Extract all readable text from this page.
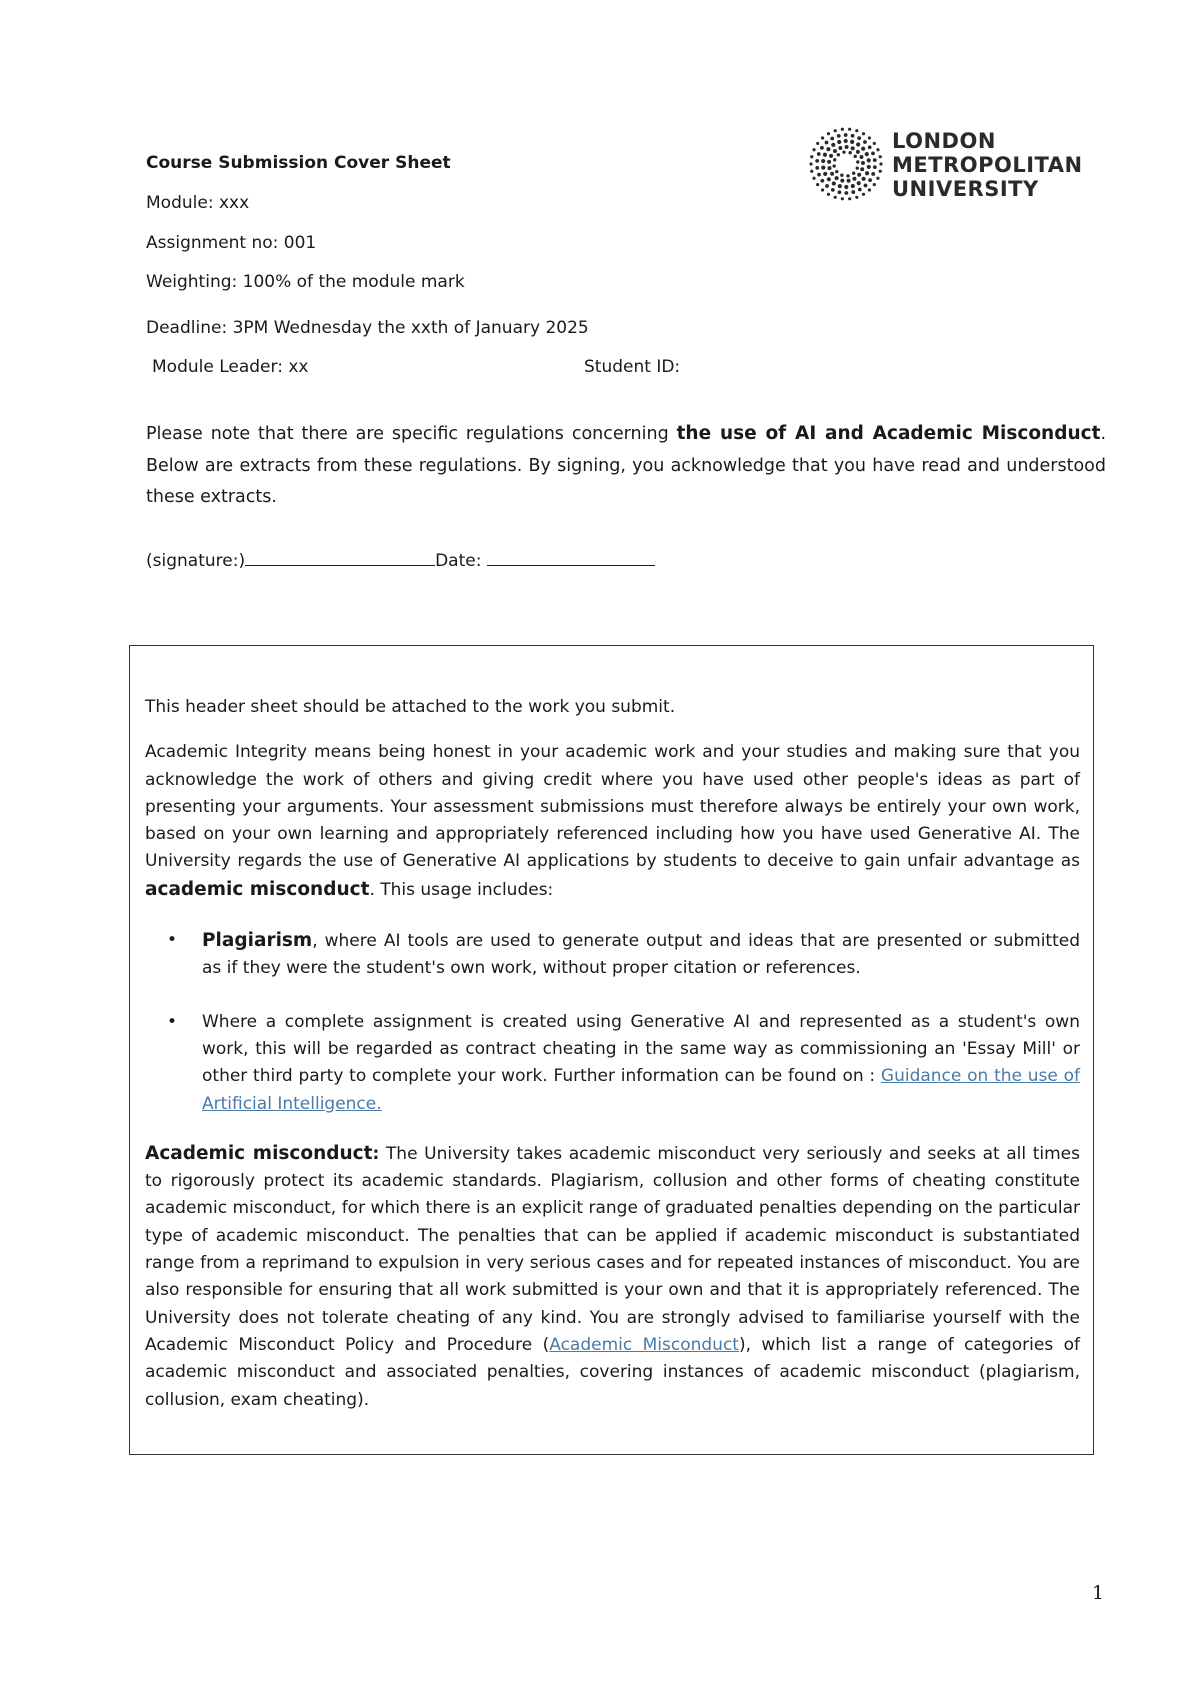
LONDON
METROPOLITAN
UNIVERSITY
Course Submission Cover Sheet
Module: xxx
Assignment no: 001
Weighting: 100% of the module mark
Deadline: 3PM Wednesday the xxth of January 2025
Module Leader: xx	Student ID:

Please note that there are specific regulations concerning the use of AI and Academic Misconduct. Below are extracts from these regulations. By signing, you acknowledge that you have read and understood these extracts.

(signature:)	Date:

This header sheet should be attached to the work you submit.

Academic Integrity means being honest in your academic work and your studies and making sure that you acknowledge the work of others and giving credit where you have used other people's ideas as part of presenting your arguments. Your assessment submissions must therefore always be entirely your own work, based on your own learning and appropriately referenced including how you have used Generative AI. The University regards the use of Generative AI applications by students to deceive to gain unfair advantage as academic misconduct. This usage includes:

• Plagiarism, where AI tools are used to generate output and ideas that are presented or submitted as if they were the student's own work, without proper citation or references.
• Where a complete assignment is created using Generative AI and represented as a student's own work, this will be regarded as contract cheating in the same way as commissioning an 'Essay Mill' or other third party to complete your work. Further information can be found on : Guidance on the use of Artificial Intelligence.

Academic misconduct: The University takes academic misconduct very seriously and seeks at all times to rigorously protect its academic standards. Plagiarism, collusion and other forms of cheating constitute academic misconduct, for which there is an explicit range of graduated penalties depending on the particular type of academic misconduct. The penalties that can be applied if academic misconduct is substantiated range from a reprimand to expulsion in very serious cases and for repeated instances of misconduct. You are also responsible for ensuring that all work submitted is your own and that it is appropriately referenced. The University does not tolerate cheating of any kind. You are strongly advised to familiarise yourself with the Academic Misconduct Policy and Procedure (Academic Misconduct), which list a range of categories of academic misconduct and associated penalties, covering instances of academic misconduct (plagiarism, collusion, exam cheating).

1
